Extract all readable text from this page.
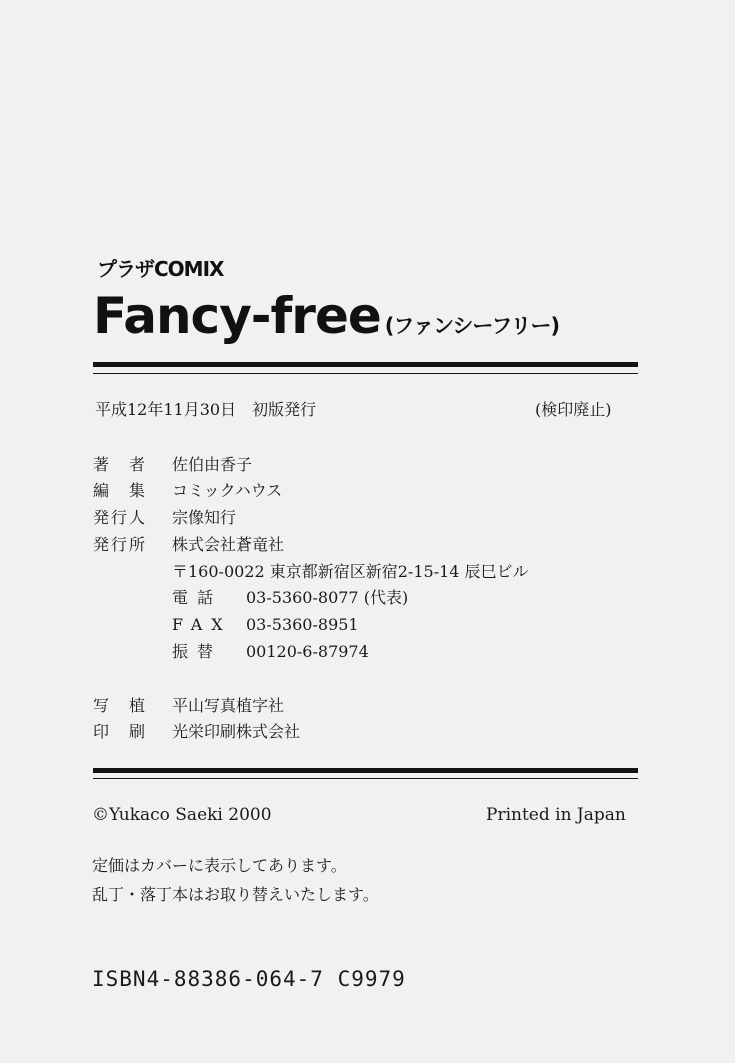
プラザCOMIX
Fancy-free (ファンシーフリー)
平成12年11月30日　初版発行	(検印廃止)
著　者 佐伯由香子
編　集 コミックハウス
発行人 宗像知行
発行所 株式会社蒼竜社
〒160-0022 東京都新宿区新宿2-15-14 辰巳ビル
電話 03-5360-8077 (代表)
FAX 03-5360-8951
振替 00120-6-87974
写　植 平山写真植字社
印　刷 光栄印刷株式会社
©Yukaco Saeki 2000	Printed in Japan
定価はカバーに表示してあります。
乱丁・落丁本はお取り替えいたします。
ISBN4-88386-064-7 C9979
